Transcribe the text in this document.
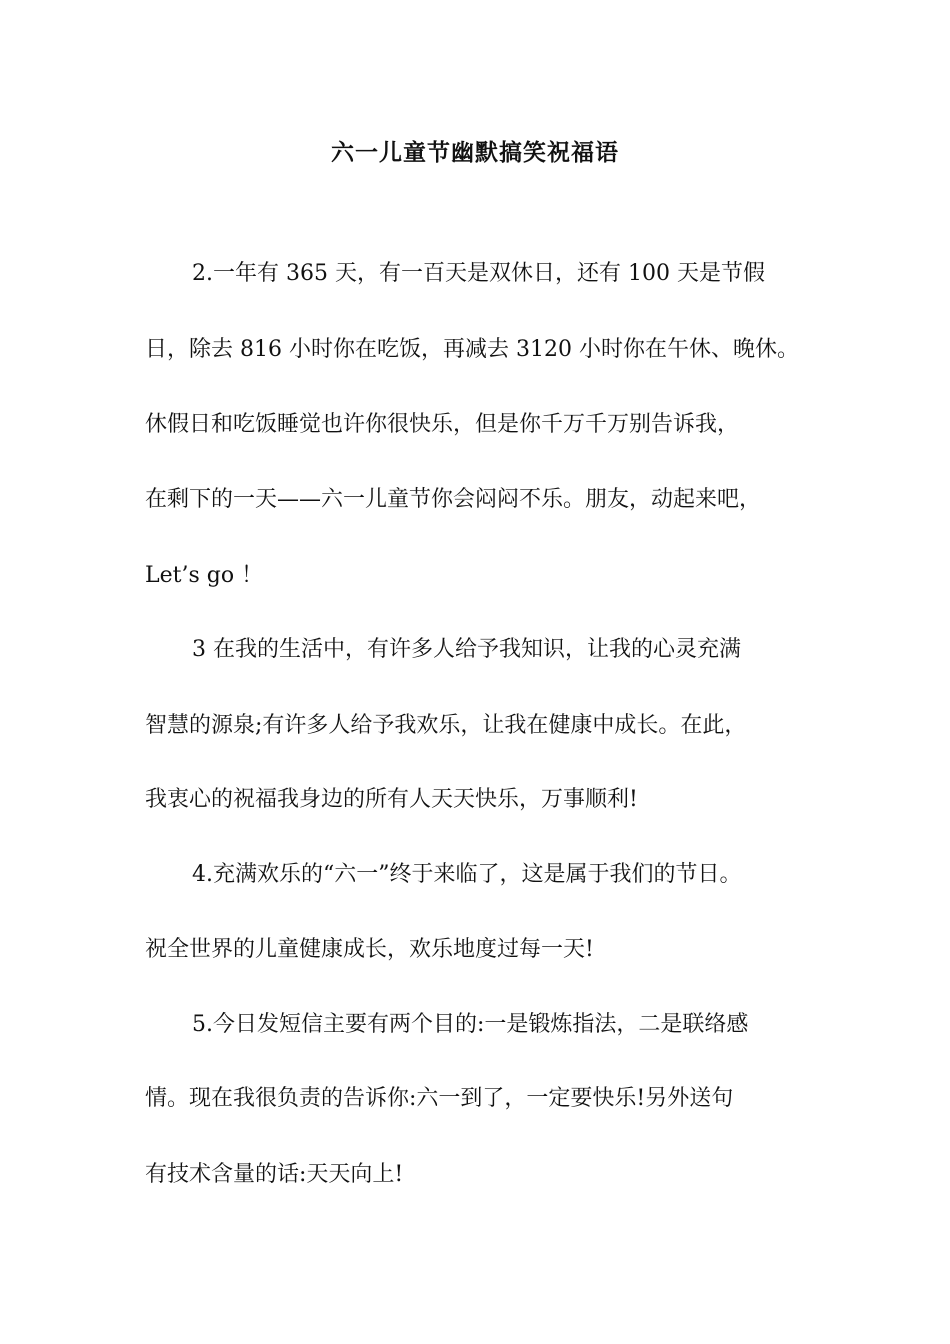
六一儿童节幽默搞笑祝福语
2.一年有 365 天，有一百天是双休日，还有 100 天是节假
日，除去 816 小时你在吃饭，再减去 3120 小时你在午休、晚休。
休假日和吃饭睡觉也许你很快乐，但是你千万千万别告诉我，
在剩下的一天——六一儿童节你会闷闷不乐。朋友，动起来吧，
Let’s go ！
3 在我的生活中，有许多人给予我知识，让我的心灵充满
智慧的源泉;有许多人给予我欢乐，让我在健康中成长。在此，
我衷心的祝福我身边的所有人天天快乐，万事顺利!
4.充满欢乐的“六一”终于来临了，这是属于我们的节日。
祝全世界的儿童健康成长，欢乐地度过每一天!
5.今日发短信主要有两个目的:一是锻炼指法，二是联络感
情。现在我很负责的告诉你:六一到了，一定要快乐!另外送句
有技术含量的话:天天向上!
